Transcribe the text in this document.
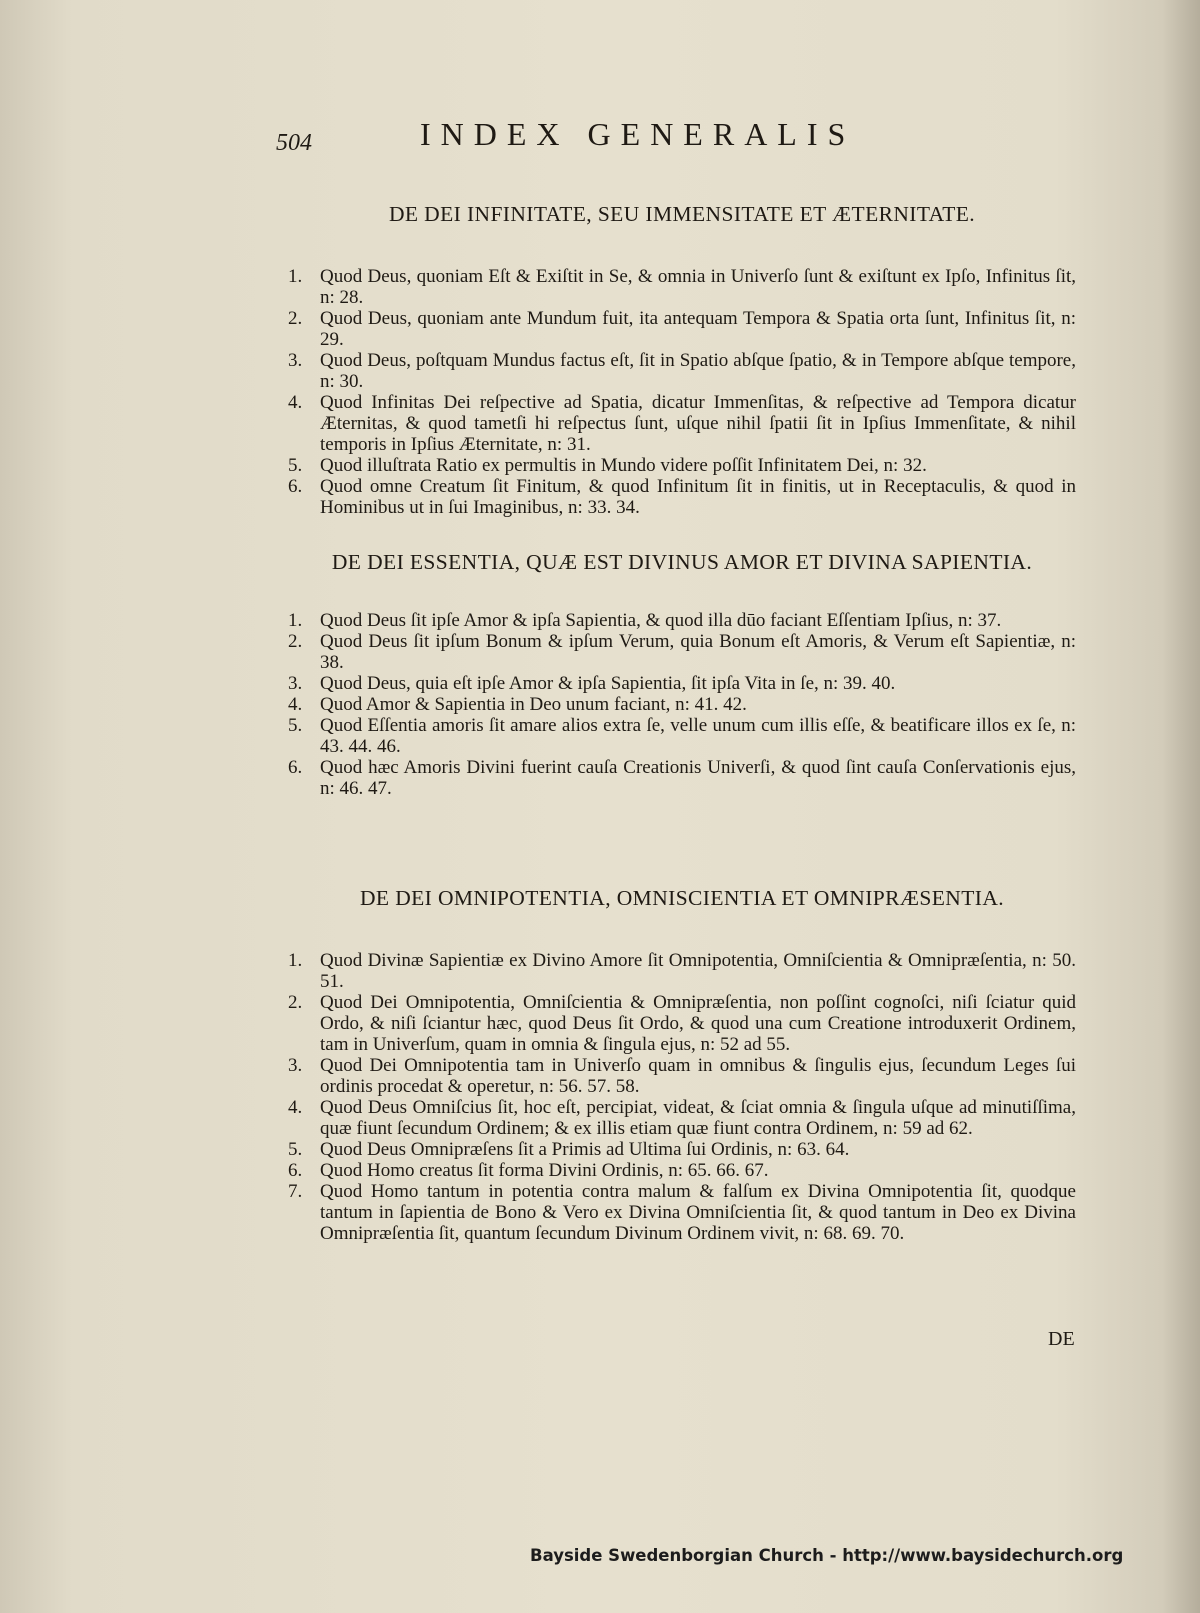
504	INDEX GENERALIS
DE DEI INFINITATE, SEU IMMENSITATE ET ÆTERNITATE.

1. Quod Deus, quoniam Eſt & Exiſtit in Se, & omnia in Univerſo ſunt & exiſtunt ex Ipſo, Infinitus ſit, n: 28.

2. Quod Deus, quoniam ante Mundum fuit, ita antequam Tempora & Spatia orta ſunt, Infinitus ſit, n: 29.

3. Quod Deus, poſtquam Mundus factus eſt, ſit in Spatio abſque ſpatio, & in Tempore abſque tempore, n: 30.

4. Quod Infinitas Dei reſpective ad Spatia, dicatur Immenſitas, & reſpective ad Tempora dicatur Æternitas, & quod tametſi hi reſpectus ſunt, uſque nihil ſpatii ſit in Ipſius Immenſitate, & nihil temporis in Ipſius Æternitate, n: 31.

5. Quod illuſtrata Ratio ex permultis in Mundo videre poſſit Infinitatem Dei, n: 32.

6. Quod omne Creatum ſit Finitum, & quod Infinitum ſit in finitis, ut in Receptaculis, & quod in Hominibus ut in ſui Imaginibus, n: 33. 34.

DE DEI ESSENTIA, QUÆ EST DIVINUS AMOR ET DIVINA SAPIENTIA.

1. Quod Deus ſit ipſe Amor & ipſa Sapientia, & quod illa dūo faciant Eſſentiam Ipſius, n: 37.

2. Quod Deus ſit ipſum Bonum & ipſum Verum, quia Bonum eſt Amoris, & Verum eſt Sapientiæ, n: 38.

3. Quod Deus, quia eſt ipſe Amor & ipſa Sapientia, ſit ipſa Vita in ſe, n: 39. 40.

4. Quod Amor & Sapientia in Deo unum faciant, n: 41. 42.

5. Quod Eſſentia amoris ſit amare alios extra ſe, velle unum cum illis eſſe, & beatificare illos ex ſe, n: 43. 44. 46.

6. Quod hæc Amoris Divini fuerint cauſa Creationis Univerſi, & quod ſint cauſa Conſervationis ejus, n: 46. 47.

DE DEI OMNIPOTENTIA, OMNISCIENTIA ET OMNIPRÆSENTIA.

1. Quod Divinæ Sapientiæ ex Divino Amore ſit Omnipotentia, Omniſcientia & Omnipræſentia, n: 50. 51.

2. Quod Dei Omnipotentia, Omniſcientia & Omnipræſentia, non poſſint cognoſci, niſi ſciatur quid Ordo, & niſi ſciantur hæc, quod Deus ſit Ordo, & quod una cum Creatione introduxerit Ordinem, tam in Univerſum, quam in omnia & ſingula ejus, n: 52 ad 55.

3. Quod Dei Omnipotentia tam in Univerſo quam in omnibus & ſingulis ejus, ſecundum Leges ſui ordinis procedat & operetur, n: 56. 57. 58.

4. Quod Deus Omniſcius ſit, hoc eſt, percipiat, videat, & ſciat omnia & ſingula uſque ad minutiſſima, quæ fiunt ſecundum Ordinem; & ex illis etiam quæ fiunt contra Ordinem, n: 59 ad 62.

5. Quod Deus Omnipræſens ſit a Primis ad Ultima ſui Ordinis, n: 63. 64.

6. Quod Homo creatus ſit forma Divini Ordinis, n: 65. 66. 67.

7. Quod Homo tantum in potentia contra malum & falſum ex Divina Omnipotentia ſit, quodque tantum in ſapientia de Bono & Vero ex Divina Omniſcientia ſit, & quod tantum in Deo ex Divina Omnipræſentia ſit, quantum ſecundum Divinum Ordinem vivit, n: 68. 69. 70.

DE
Bayside Swedenborgian Church - http://www.baysidechurch.org
